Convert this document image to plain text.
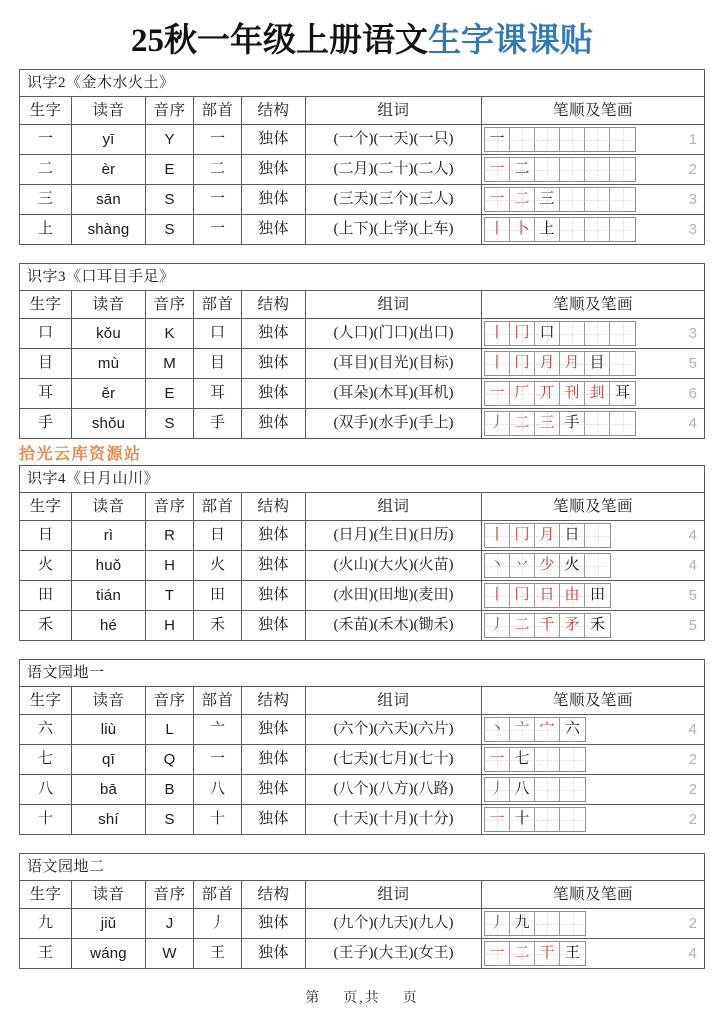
25秋一年级上册语文生字课课贴
识字2《金木水火土》						
生字	读音	音序	部首	结构	组词	笔顺及笔画
一	yī	Y	一	独体	(一个)(一天)(一只)	一 1

二	èr	E	二	独体	(二月)(二十)(二人)	一 二 2

三	sān	S	一	独体	(三天)(三个)(三人)	一 二 三 3

上	shàng	S	一	独体	(上下)(上学)(上车)	丨 卜 上 3
识字3《口耳目手足》						
生字	读音	音序	部首	结构	组词	笔顺及笔画
口	kǒu	K	口	独体	(人口)(门口)(出口)	丨 冂 口 3

目	mù	M	目	独体	(耳目)(目光)(目标)	丨 冂 月 月 目	5

耳	ěr	E	耳	独体	(耳朵)(木耳)(耳机)	一 厂 丌 刊 刲 耳	6

手	shǒu	S	手	独体	(双手)(水手)(手上)	丿 二 三 手 4
拾光云库资源站
识字4《日月山川》						
生字	读音	音序	部首	结构	组词	笔顺及笔画
日	rì	R	日	独体	(日月)(生日)(日历)	丨 冂 月 日 4

火	huǒ	H	火	独体	(火山)(大火)(火苗)	丶 丷 少 火 4

田	tián	T	田	独体	(水田)(田地)(麦田)	丨 冂 日 由 田	5

禾	hé	H	禾	独体	(禾苗)(禾木)(锄禾)	丿 二 千 矛 禾	5
语文园地一						
生字	读音	音序	部首	结构	组词	笔顺及笔画
六	liù	L	亠	独体	(六个)(六天)(六片)	丶 亠 宀 六 4

七	qī	Q	一	独体	(七天)(七月)(七十)	一 七 2

八	bā	B	八	独体	(八个)(八方)(八路)	丿 八 2

十	shí	S	十	独体	(十天)(十月)(十分)	一 十 2
语文园地二						
生字	读音	音序	部首	结构	组词	笔顺及笔画
九	jiǔ	J	丿	独体	(九个)(九天)(九人)	丿 九 2

王	wáng	W	王	独体	(王子)(大王)(女王)	一 二 干 王 4
第 页,共 页
